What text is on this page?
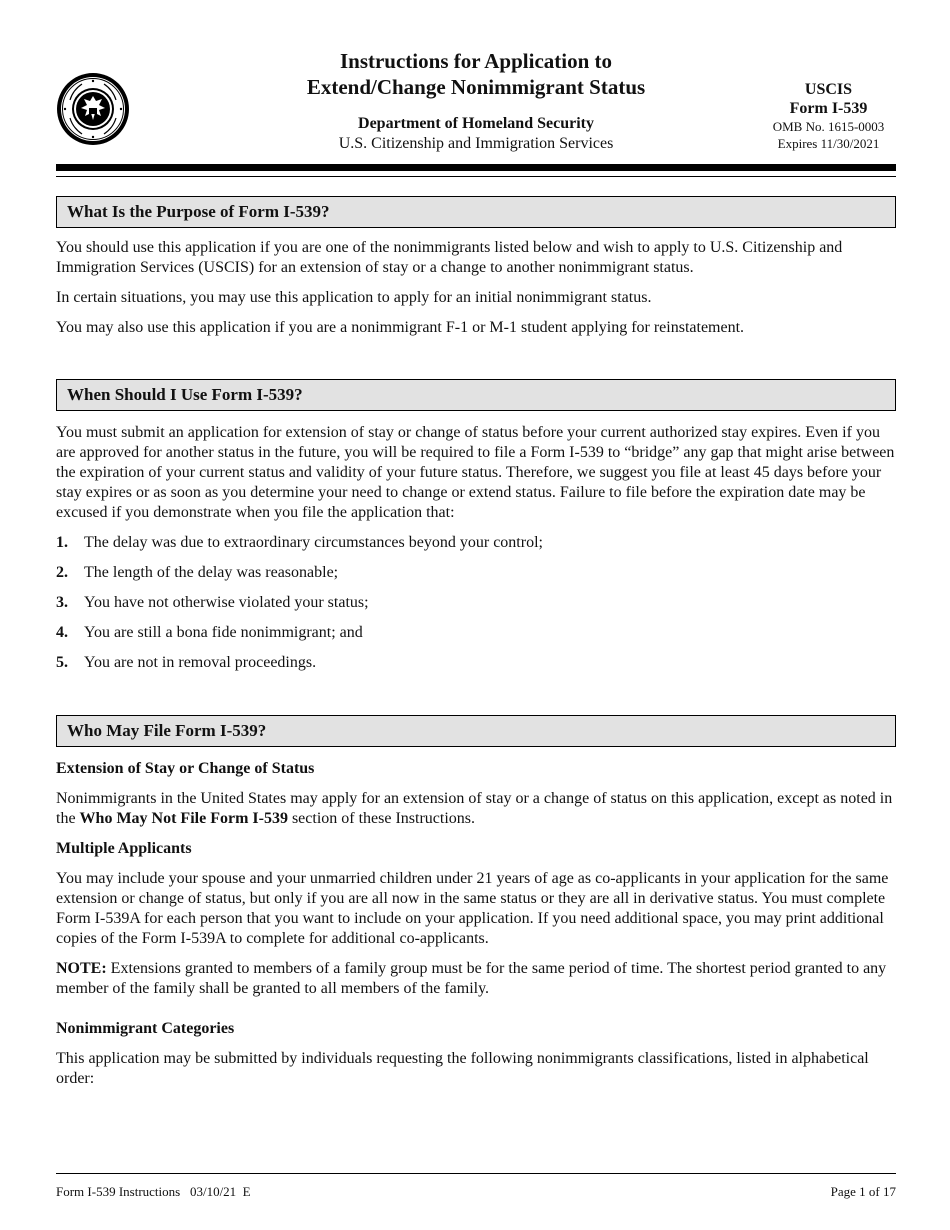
Instructions for Application to
Extend/Change Nonimmigrant Status
Department of Homeland Security
U.S. Citizenship and Immigration Services
USCIS
Form I-539
OMB No. 1615-0003
Expires 11/30/2021
What Is the Purpose of Form I-539?

You should use this application if you are one of the nonimmigrants listed below and wish to apply to U.S. Citizenship and Immigration Services (USCIS) for an extension of stay or a change to another nonimmigrant status.

In certain situations, you may use this application to apply for an initial nonimmigrant status.

You may also use this application if you are a nonimmigrant F-1 or M-1 student applying for reinstatement.

When Should I Use Form I-539?

You must submit an application for extension of stay or change of status before your current authorized stay expires. Even if you are approved for another status in the future, you will be required to file a Form I-539 to “bridge” any gap that might arise between the expiration of your current status and validity of your future status. Therefore, we suggest you file at least 45 days before your stay expires or as soon as you determine your need to change or extend status. Failure to file before the expiration date may be excused if you demonstrate when you file the application that:

1.	The delay was due to extraordinary circumstances beyond your control;
2.	The length of the delay was reasonable;
3.	You have not otherwise violated your status;
4.	You are still a bona fide nonimmigrant; and
5.	You are not in removal proceedings.
Who May File Form I-539?
Extension of Stay or Change of Status

Nonimmigrants in the United States may apply for an extension of stay or a change of status on this application, except as noted in the Who May Not File Form I-539 section of these Instructions.

Multiple Applicants

You may include your spouse and your unmarried children under 21 years of age as co-applicants in your application for the same extension or change of status, but only if you are all now in the same status or they are all in derivative status. You must complete Form I-539A for each person that you want to include on your application. If you need additional space, you may print additional copies of the Form I-539A to complete for additional co-applicants.

NOTE: Extensions granted to members of a family group must be for the same period of time. The shortest period granted to any member of the family shall be granted to all members of the family.

Nonimmigrant Categories

This application may be submitted by individuals requesting the following nonimmigrants classifications, listed in alphabetical order:

Form I-539 Instructions   03/10/21  E	Page 1 of 17
